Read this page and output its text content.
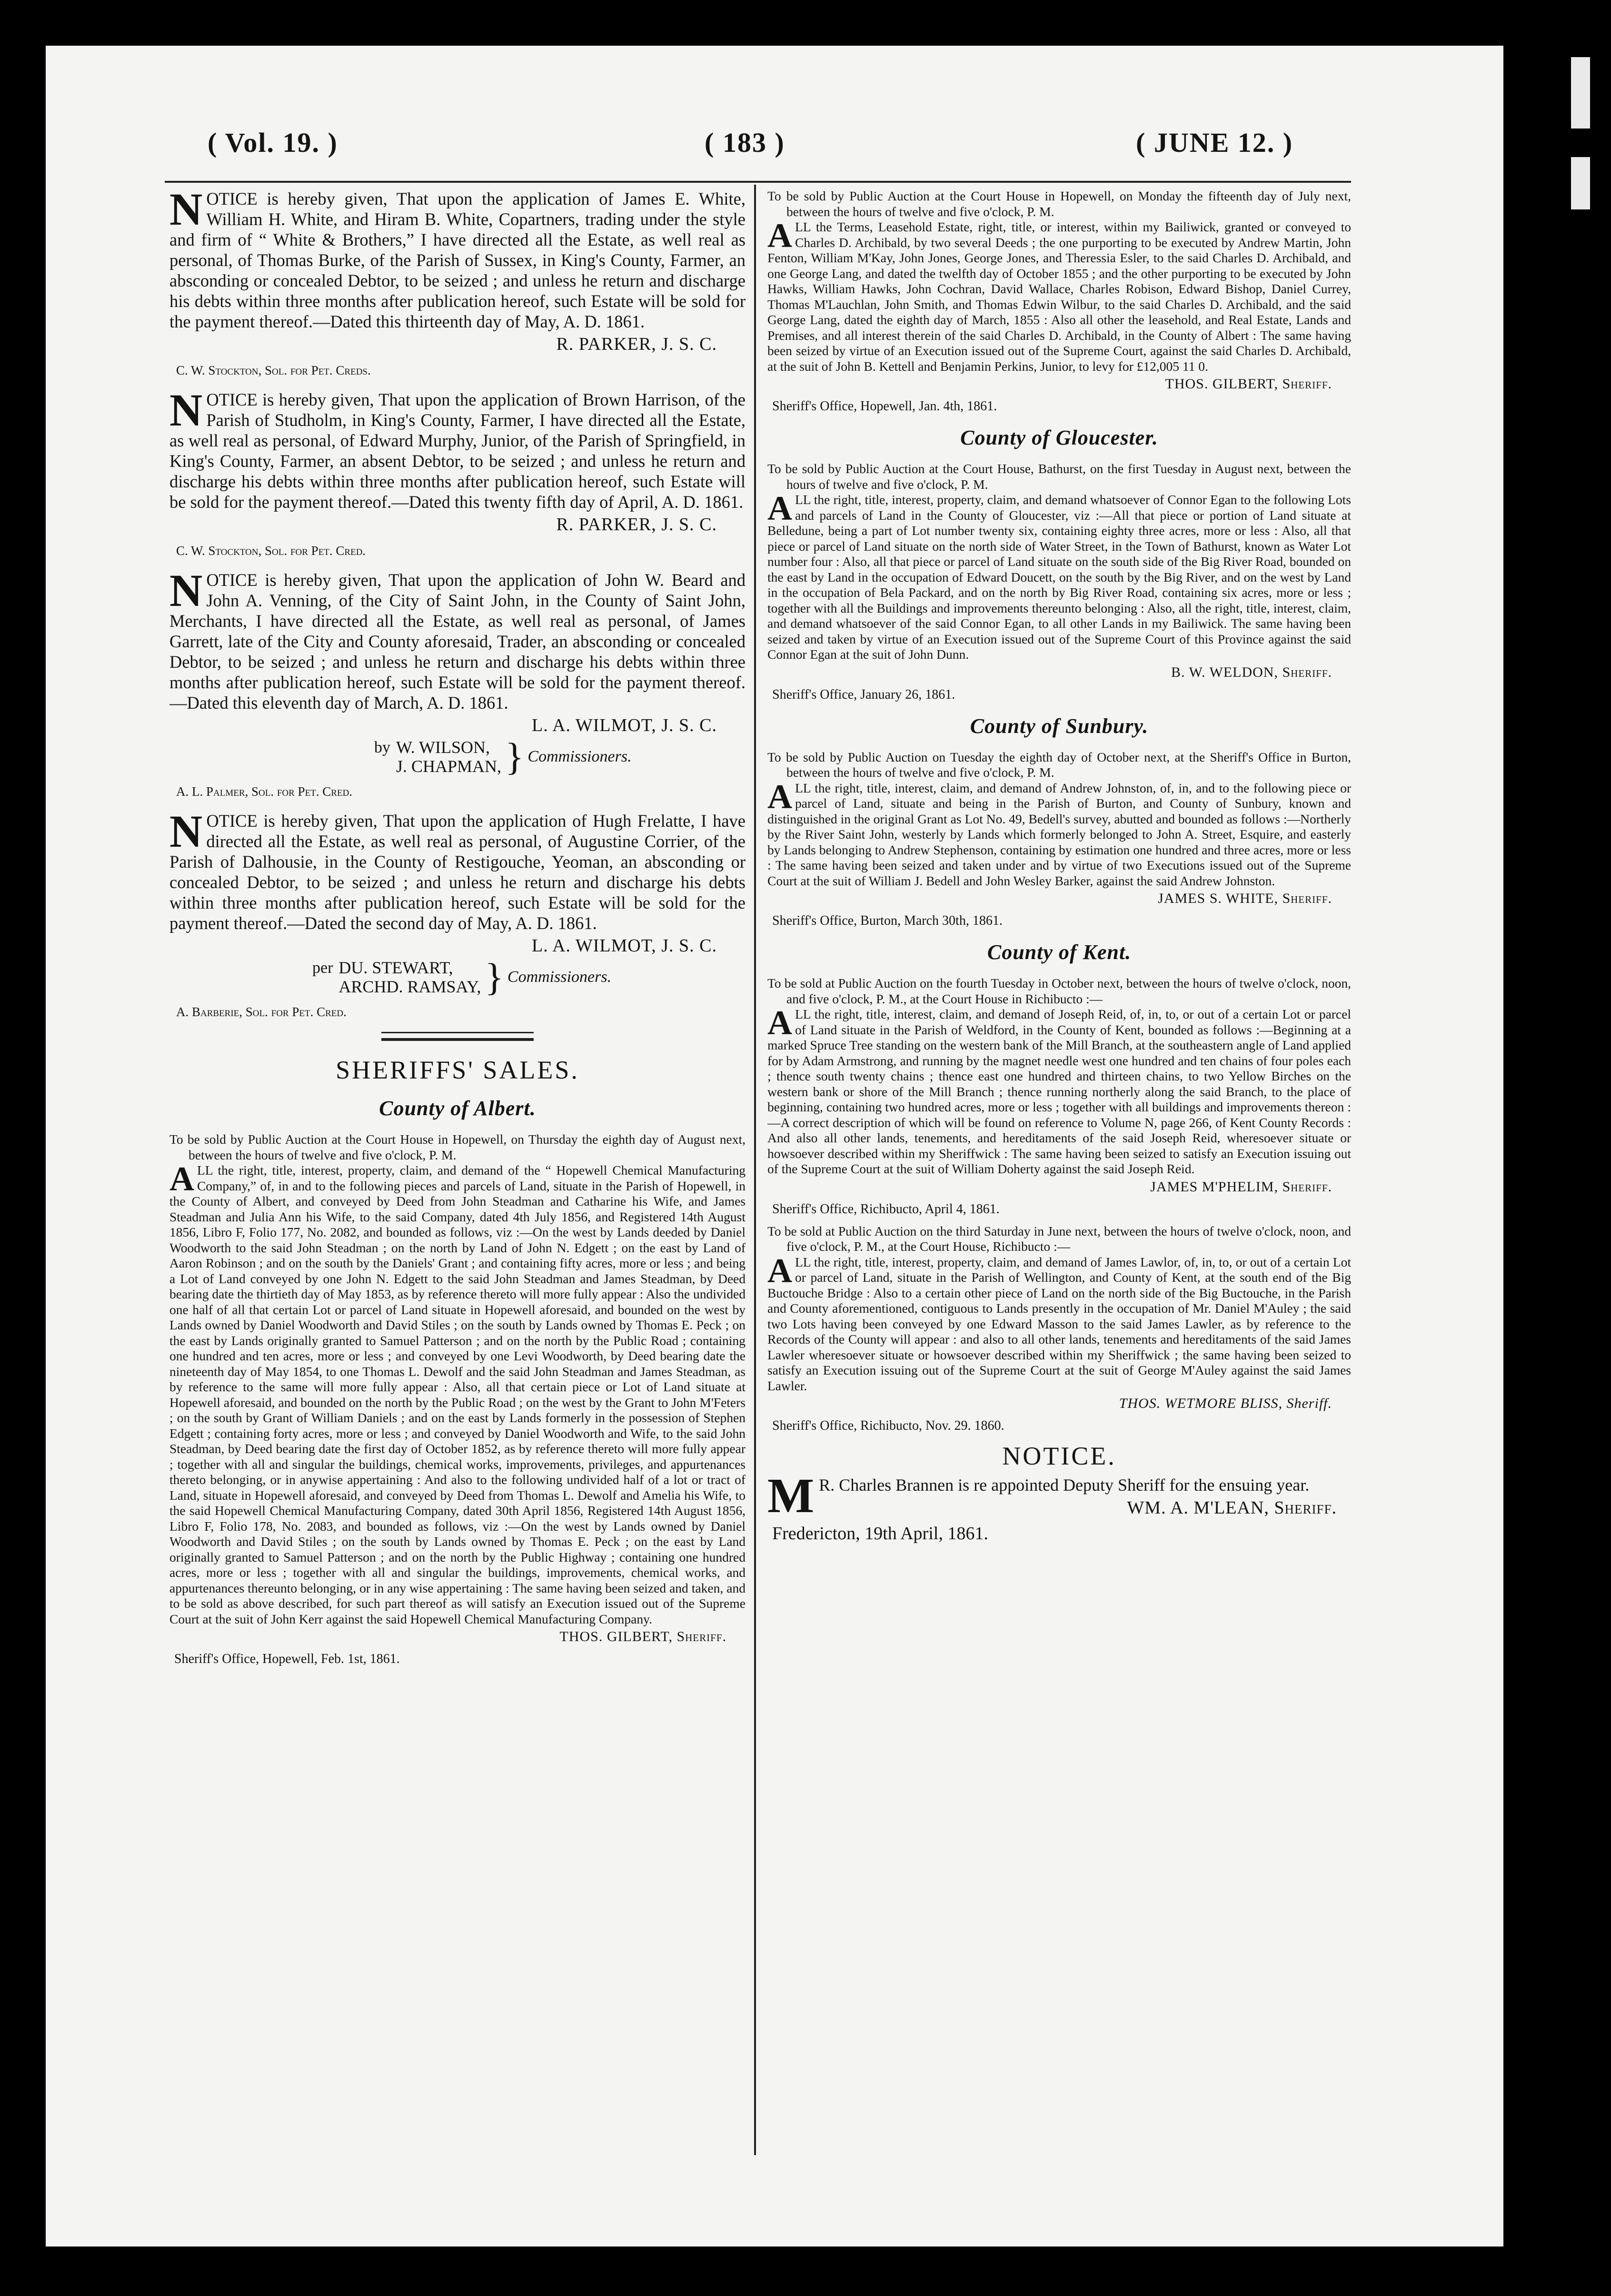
( Vol. 19. )	( 183 )	( JUNE 12. )

NOTICE is hereby given, That upon the application of James E. White, William H. White, and Hiram B. White, Copartners, trading under the style and firm of “ White & Brothers,” I have directed all the Estate, as well real as personal, of Thomas Burke, of the Parish of Sussex, in King's County, Farmer, an absconding or concealed Debtor, to be seized ; and unless he return and discharge his debts within three months after publication hereof, such Estate will be sold for the payment thereof.—Dated this thirteenth day of May, A. D. 1861.

R. PARKER, J. S. C.
C. W. Stockton, Sol. for Pet. Creds.

NOTICE is hereby given, That upon the application of Brown Harrison, of the Parish of Studholm, in King's County, Farmer, I have directed all the Estate, as well real as personal, of Edward Murphy, Junior, of the Parish of Springfield, in King's County, Farmer, an absent Debtor, to be seized ; and unless he return and discharge his debts within three months after publication hereof, such Estate will be sold for the payment thereof.—Dated this twenty fifth day of April, A. D. 1861.

R. PARKER, J. S. C.
C. W. Stockton, Sol. for Pet. Cred.

NOTICE is hereby given, That upon the application of John W. Beard and John A. Venning, of the City of Saint John, in the County of Saint John, Merchants, I have directed all the Estate, as well real as personal, of James Garrett, late of the City and County aforesaid, Trader, an absconding or concealed Debtor, to be seized ; and unless he return and discharge his debts within three months after publication hereof, such Estate will be sold for the payment thereof.—Dated this eleventh day of March, A. D. 1861.

L. A. WILMOT, J. S. C.
by W. WILSON,
J. CHAPMAN, } Commissioners.
A. L. Palmer, Sol. for Pet. Cred.

NOTICE is hereby given, That upon the application of Hugh Frelatte, I have directed all the Estate, as well real as personal, of Augustine Corrier, of the Parish of Dalhousie, in the County of Restigouche, Yeoman, an absconding or concealed Debtor, to be seized ; and unless he return and discharge his debts within three months after publication hereof, such Estate will be sold for the payment thereof.—Dated the second day of May, A. D. 1861.

L. A. WILMOT, J. S. C.
per DU. STEWART,
ARCHD. RAMSAY, } Commissioners.
A. Barberie, Sol. for Pet. Cred.
SHERIFFS' SALES.
County of Albert.

To be sold by Public Auction at the Court House in Hopewell, on Thursday the eighth day of August next, between the hours of twelve and five o'clock, P. M.

ALL the right, title, interest, property, claim, and demand of the “ Hopewell Chemical Manufacturing Company,” of, in and to the following pieces and parcels of Land, situate in the Parish of Hopewell, in the County of Albert, and conveyed by Deed from John Steadman and Catharine his Wife, and James Steadman and Julia Ann his Wife, to the said Company, dated 4th July 1856, and Registered 14th August 1856, Libro F, Folio 177, No. 2082, and bounded as follows, viz :—On the west by Lands deeded by Daniel Woodworth to the said John Steadman ; on the north by Land of John N. Edgett ; on the east by Land of Aaron Robinson ; and on the south by the Daniels' Grant ; and containing fifty acres, more or less ; and being a Lot of Land conveyed by one John N. Edgett to the said John Steadman and James Steadman, by Deed bearing date the thirtieth day of May 1853, as by reference thereto will more fully appear : Also the undivided one half of all that certain Lot or parcel of Land situate in Hopewell aforesaid, and bounded on the west by Lands owned by Daniel Woodworth and David Stiles ; on the south by Lands owned by Thomas E. Peck ; on the east by Lands originally granted to Samuel Patterson ; and on the north by the Public Road ; containing one hundred and ten acres, more or less ; and conveyed by one Levi Woodworth, by Deed bearing date the nineteenth day of May 1854, to one Thomas L. Dewolf and the said John Steadman and James Steadman, as by reference to the same will more fully appear : Also, all that certain piece or Lot of Land situate at Hopewell aforesaid, and bounded on the north by the Public Road ; on the west by the Grant to John M'Feters ; on the south by Grant of William Daniels ; and on the east by Lands formerly in the possession of Stephen Edgett ; containing forty acres, more or less ; and conveyed by Daniel Woodworth and Wife, to the said John Steadman, by Deed bearing date the first day of October 1852, as by reference thereto will more fully appear ; together with all and singular the buildings, chemical works, improvements, privileges, and appurtenances thereto belonging, or in anywise appertaining : And also to the following undivided half of a lot or tract of Land, situate in Hopewell aforesaid, and conveyed by Deed from Thomas L. Dewolf and Amelia his Wife, to the said Hopewell Chemical Manufacturing Company, dated 30th April 1856, Registered 14th August 1856, Libro F, Folio 178, No. 2083, and bounded as follows, viz :—On the west by Lands owned by Daniel Woodworth and David Stiles ; on the south by Lands owned by Thomas E. Peck ; on the east by Land originally granted to Samuel Patterson ; and on the north by the Public Highway ; containing one hundred acres, more or less ; together with all and singular the buildings, improvements, chemical works, and appurtenances thereunto belonging, or in any wise appertaining : The same having been seized and taken, and to be sold as above described, for such part thereof as will satisfy an Execution issued out of the Supreme Court at the suit of John Kerr against the said Hopewell Chemical Manufacturing Company.

THOS. GILBERT, Sheriff.
Sheriff's Office, Hopewell, Feb. 1st, 1861.

To be sold by Public Auction at the Court House in Hopewell, on Monday the fifteenth day of July next, between the hours of twelve and five o'clock, P. M.

ALL the Terms, Leasehold Estate, right, title, or interest, within my Bailiwick, granted or conveyed to Charles D. Archibald, by two several Deeds ; the one purporting to be executed by Andrew Martin, John Fenton, William M'Kay, John Jones, George Jones, and Theressia Esler, to the said Charles D. Archibald, and one George Lang, and dated the twelfth day of October 1855 ; and the other purporting to be executed by John Hawks, William Hawks, John Cochran, David Wallace, Charles Robison, Edward Bishop, Daniel Currey, Thomas M'Lauchlan, John Smith, and Thomas Edwin Wilbur, to the said Charles D. Archibald, and the said George Lang, dated the eighth day of March, 1855 : Also all other the leasehold, and Real Estate, Lands and Premises, and all interest therein of the said Charles D. Archibald, in the County of Albert : The same having been seized by virtue of an Execution issued out of the Supreme Court, against the said Charles D. Archibald, at the suit of John B. Kettell and Benjamin Perkins, Junior, to levy for £12,005 11 0.

THOS. GILBERT, Sheriff.
Sheriff's Office, Hopewell, Jan. 4th, 1861.
County of Gloucester.

To be sold by Public Auction at the Court House, Bathurst, on the first Tuesday in August next, between the hours of twelve and five o'clock, P. M.

ALL the right, title, interest, property, claim, and demand whatsoever of Connor Egan to the following Lots and parcels of Land in the County of Gloucester, viz :—All that piece or portion of Land situate at Belledune, being a part of Lot number twenty six, containing eighty three acres, more or less : Also, all that piece or parcel of Land situate on the north side of Water Street, in the Town of Bathurst, known as Water Lot number four : Also, all that piece or parcel of Land situate on the south side of the Big River Road, bounded on the east by Land in the occupation of Edward Doucett, on the south by the Big River, and on the west by Land in the occupation of Bela Packard, and on the north by Big River Road, containing six acres, more or less ; together with all the Buildings and improvements thereunto belonging : Also, all the right, title, interest, claim, and demand whatsoever of the said Connor Egan, to all other Lands in my Bailiwick. The same having been seized and taken by virtue of an Execution issued out of the Supreme Court of this Province against the said Connor Egan at the suit of John Dunn.

B. W. WELDON, Sheriff.
Sheriff's Office, January 26, 1861.
County of Sunbury.

To be sold by Public Auction on Tuesday the eighth day of October next, at the Sheriff's Office in Burton, between the hours of twelve and five o'clock, P. M.

ALL the right, title, interest, claim, and demand of Andrew Johnston, of, in, and to the following piece or parcel of Land, situate and being in the Parish of Burton, and County of Sunbury, known and distinguished in the original Grant as Lot No. 49, Bedell's survey, abutted and bounded as follows :—Northerly by the River Saint John, westerly by Lands which formerly belonged to John A. Street, Esquire, and easterly by Lands belonging to Andrew Stephenson, containing by estimation one hundred and three acres, more or less : The same having been seized and taken under and by virtue of two Executions issued out of the Supreme Court at the suit of William J. Bedell and John Wesley Barker, against the said Andrew Johnston.

JAMES S. WHITE, Sheriff.
Sheriff's Office, Burton, March 30th, 1861.
County of Kent.

To be sold at Public Auction on the fourth Tuesday in October next, between the hours of twelve o'clock, noon, and five o'clock, P. M., at the Court House in Richibucto :—

ALL the right, title, interest, claim, and demand of Joseph Reid, of, in, to, or out of a certain Lot or parcel of Land situate in the Parish of Weldford, in the County of Kent, bounded as follows :—Beginning at a marked Spruce Tree standing on the western bank of the Mill Branch, at the southeastern angle of Land applied for by Adam Armstrong, and running by the magnet needle west one hundred and ten chains of four poles each ; thence south twenty chains ; thence east one hundred and thirteen chains, to two Yellow Birches on the western bank or shore of the Mill Branch ; thence running northerly along the said Branch, to the place of beginning, containing two hundred acres, more or less ; together with all buildings and improvements thereon :—A correct description of which will be found on reference to Volume N, page 266, of Kent County Records : And also all other lands, tenements, and hereditaments of the said Joseph Reid, wheresoever situate or howsoever described within my Sheriffwick : The same having been seized to satisfy an Execution issuing out of the Supreme Court at the suit of William Doherty against the said Joseph Reid.

JAMES M'PHELIM, Sheriff.
Sheriff's Office, Richibucto, April 4, 1861.

To be sold at Public Auction on the third Saturday in June next, between the hours of twelve o'clock, noon, and five o'clock, P. M., at the Court House, Richibucto :—

ALL the right, title, interest, property, claim, and demand of James Lawlor, of, in, to, or out of a certain Lot or parcel of Land, situate in the Parish of Wellington, and County of Kent, at the south end of the Big Buctouche Bridge : Also to a certain other piece of Land on the north side of the Big Buctouche, in the Parish and County aforementioned, contiguous to Lands presently in the occupation of Mr. Daniel M'Auley ; the said two Lots having been conveyed by one Edward Masson to the said James Lawler, as by reference to the Records of the County will appear : and also to all other lands, tenements and hereditaments of the said James Lawler wheresoever situate or howsoever described within my Sheriffwick ; the same having been seized to satisfy an Execution issuing out of the Supreme Court at the suit of George M'Auley against the said James Lawler.

THOS. WETMORE BLISS, Sheriff.
Sheriff's Office, Richibucto, Nov. 29. 1860.
NOTICE.

M R. Charles Brannen is re appointed Deputy Sheriff for the ensuing year.

WM. A. M'LEAN, Sheriff.
Fredericton, 19th April, 1861.
